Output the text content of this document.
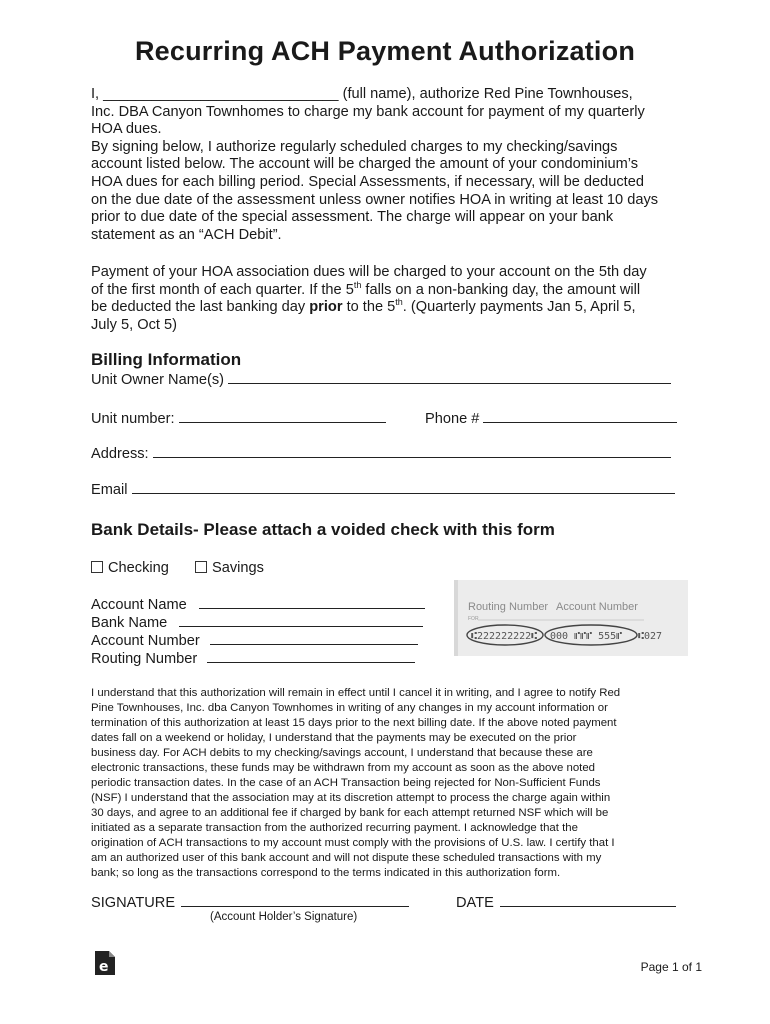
Recurring ACH Payment Authorization
I, _____________________________ (full name), authorize Red Pine Townhouses,
Inc. DBA Canyon Townhomes to charge my bank account for payment of my quarterly
HOA dues.
By signing below, I authorize regularly scheduled charges to my checking/savings
account listed below. The account will be charged the amount of your condominium’s
HOA dues for each billing period. Special Assessments, if necessary, will be deducted
on the due date of the assessment unless owner notifies HOA in writing at least 10 days
prior to due date of the special assessment. The charge will appear on your bank
statement as an “ACH Debit”.
Payment of your HOA association dues will be charged to your account on the 5th day
of the first month of each quarter. If the 5th falls on a non-banking day, the amount will
be deducted the last banking day prior to the 5th. (Quarterly payments Jan 5, April 5,
July 5, Oct 5)
Billing Information
Unit Owner Name(s)
Unit number:	Phone #
Address:
Email
Bank Details- Please attach a voided check with this form
Checking	Savings
Account Name
Bank Name
Account Number
Routing Number
Routing Number Account Number
FOR
⑆222222222⑆ 000 ⑈⑈⑈ 555⑈ ⑆027
I understand that this authorization will remain in effect until I cancel it in writing, and I agree to notify Red
Pine Townhouses, Inc. dba Canyon Townhomes in writing of any changes in my account information or
termination of this authorization at least 15 days prior to the next billing date. If the above noted payment
dates fall on a weekend or holiday, I understand that the payments may be executed on the prior
business day. For ACH debits to my checking/savings account, I understand that because these are
electronic transactions, these funds may be withdrawn from my account as soon as the above noted
periodic transaction dates. In the case of an ACH Transaction being rejected for Non-Sufficient Funds
(NSF) I understand that the association may at its discretion attempt to process the charge again within
30 days, and agree to an additional fee if charged by bank for each attempt returned NSF which will be
initiated as a separate transaction from the authorized recurring payment. I acknowledge that the
origination of ACH transactions to my account must comply with the provisions of U.S. law. I certify that I
am an authorized user of this bank account and will not dispute these scheduled transactions with my
bank; so long as the transactions correspond to the terms indicated in this authorization form.
SIGNATURE
(Account Holder’s Signature)
DATE
e	Page 1 of 1
